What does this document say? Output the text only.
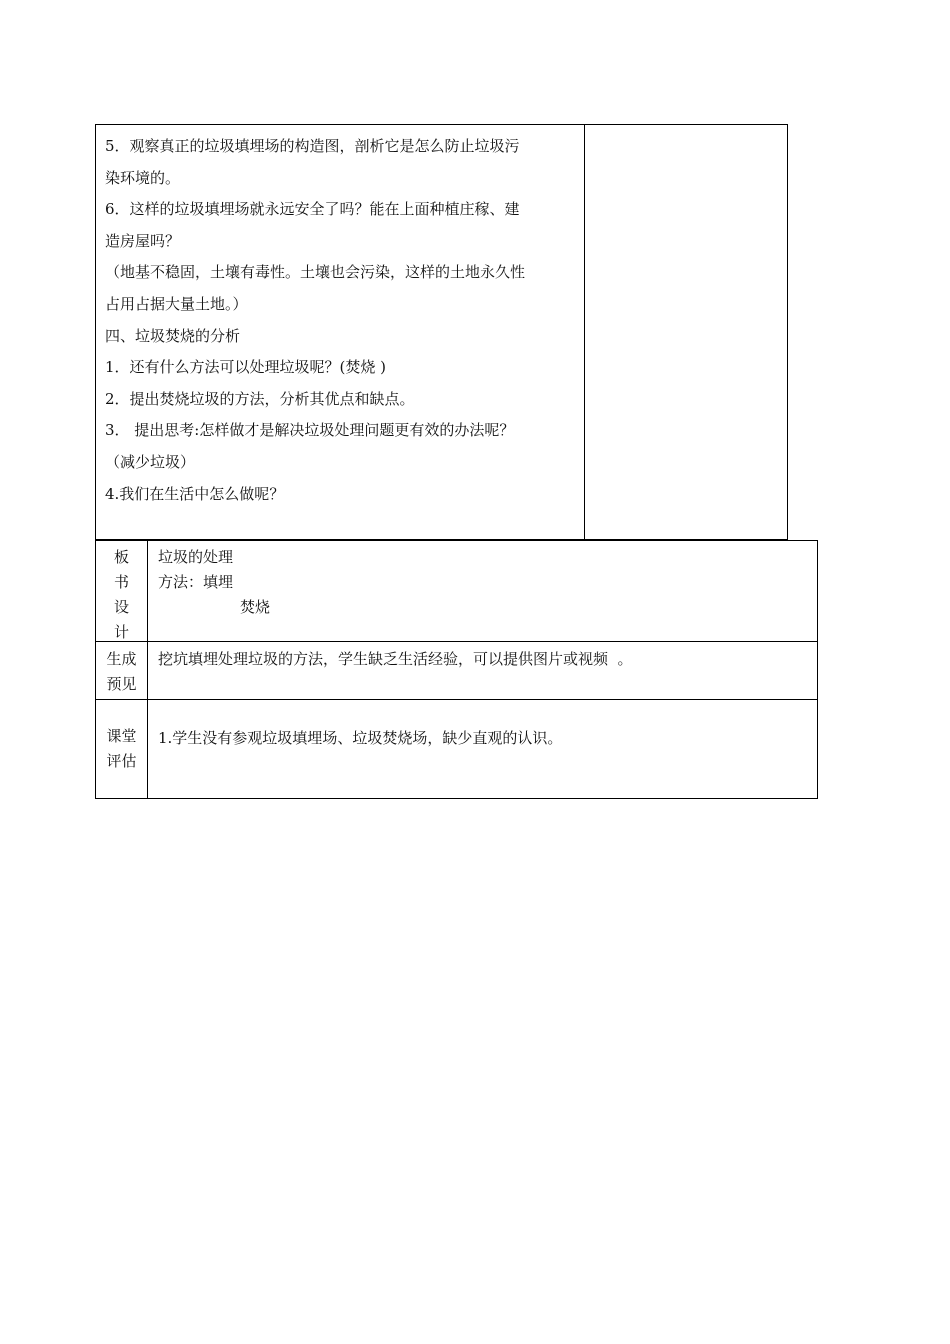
5．观察真正的垃圾填埋场的构造图，剖析它是怎么防止垃圾污

染环境的。

6．这样的垃圾填埋场就永远安全了吗？能在上面种植庄稼、建

造房屋吗？

（地基不稳固，土壤有毒性。土壤也会污染，这样的土地永久性

占用占据大量土地。）

四、垃圾焚烧的分析

1．还有什么方法可以处理垃圾呢？(焚烧 )

2．提出焚烧垃圾的方法，分析其优点和缺点。

3． 提出思考:怎样做才是解决垃圾处理问题更有效的办法呢？

（减少垃圾）

4.我们在生活中怎么做呢？

板
书
设
计

垃圾的处理

方法：填埋

焚烧

生成
预见

挖坑填埋处理垃圾的方法，学生缺乏生活经验，可以提供图片或视频  。

课堂
评估

1.学生没有参观垃圾填埋场、垃圾焚烧场，缺少直观的认识。
